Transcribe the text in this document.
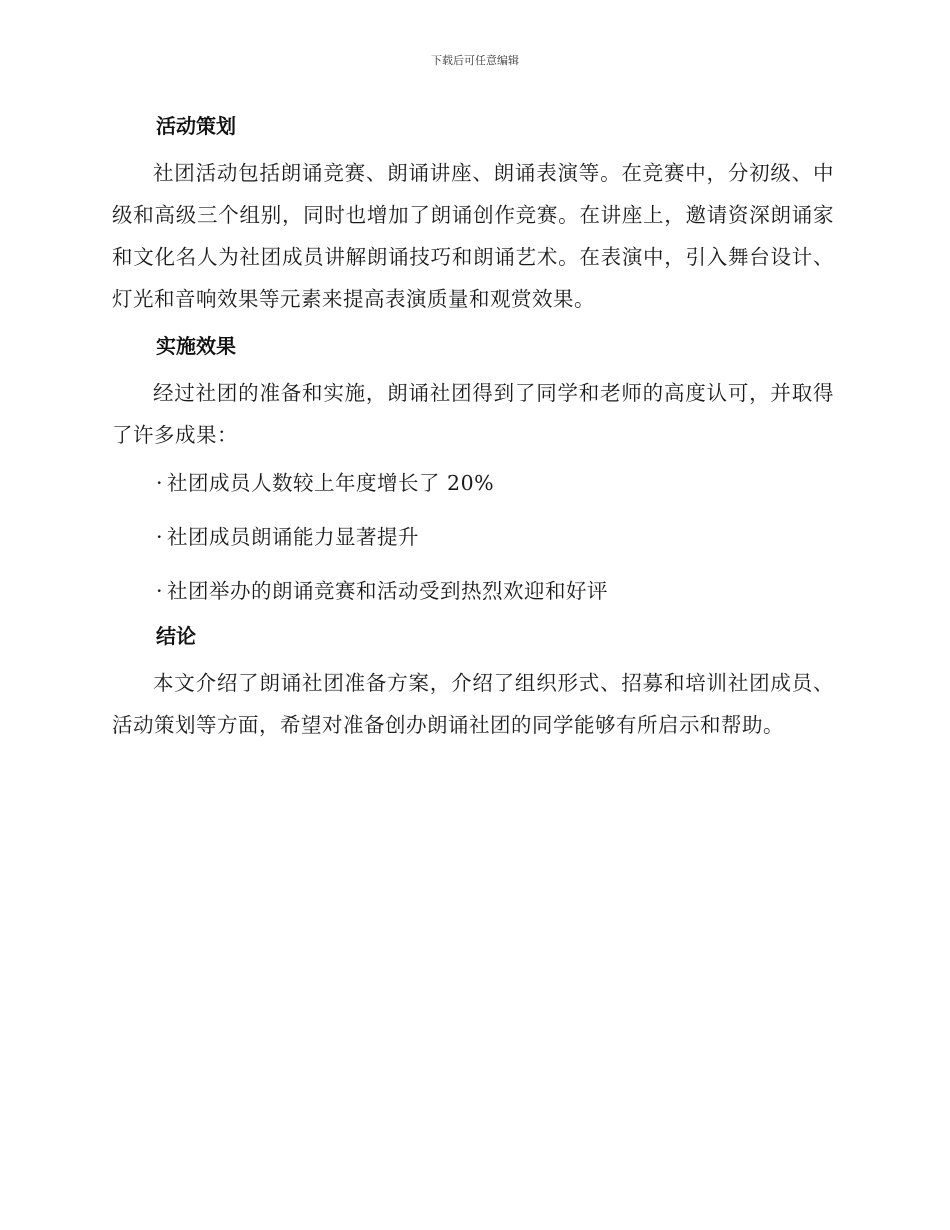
下载后可任意编辑
活动策划

社团活动包括朗诵竞赛、朗诵讲座、朗诵表演等。在竞赛中，分初级、中级和高级三个组别，同时也增加了朗诵创作竞赛。在讲座上，邀请资深朗诵家和文化名人为社团成员讲解朗诵技巧和朗诵艺术。在表演中，引入舞台设计、灯光和音响效果等元素来提高表演质量和观赏效果。

实施效果

经过社团的准备和实施，朗诵社团得到了同学和老师的高度认可，并取得了许多成果：

· 社团成员人数较上年度增长了 20%
· 社团成员朗诵能力显著提升
· 社团举办的朗诵竞赛和活动受到热烈欢迎和好评
结论

本文介绍了朗诵社团准备方案，介绍了组织形式、招募和培训社团成员、活动策划等方面，希望对准备创办朗诵社团的同学能够有所启示和帮助。
